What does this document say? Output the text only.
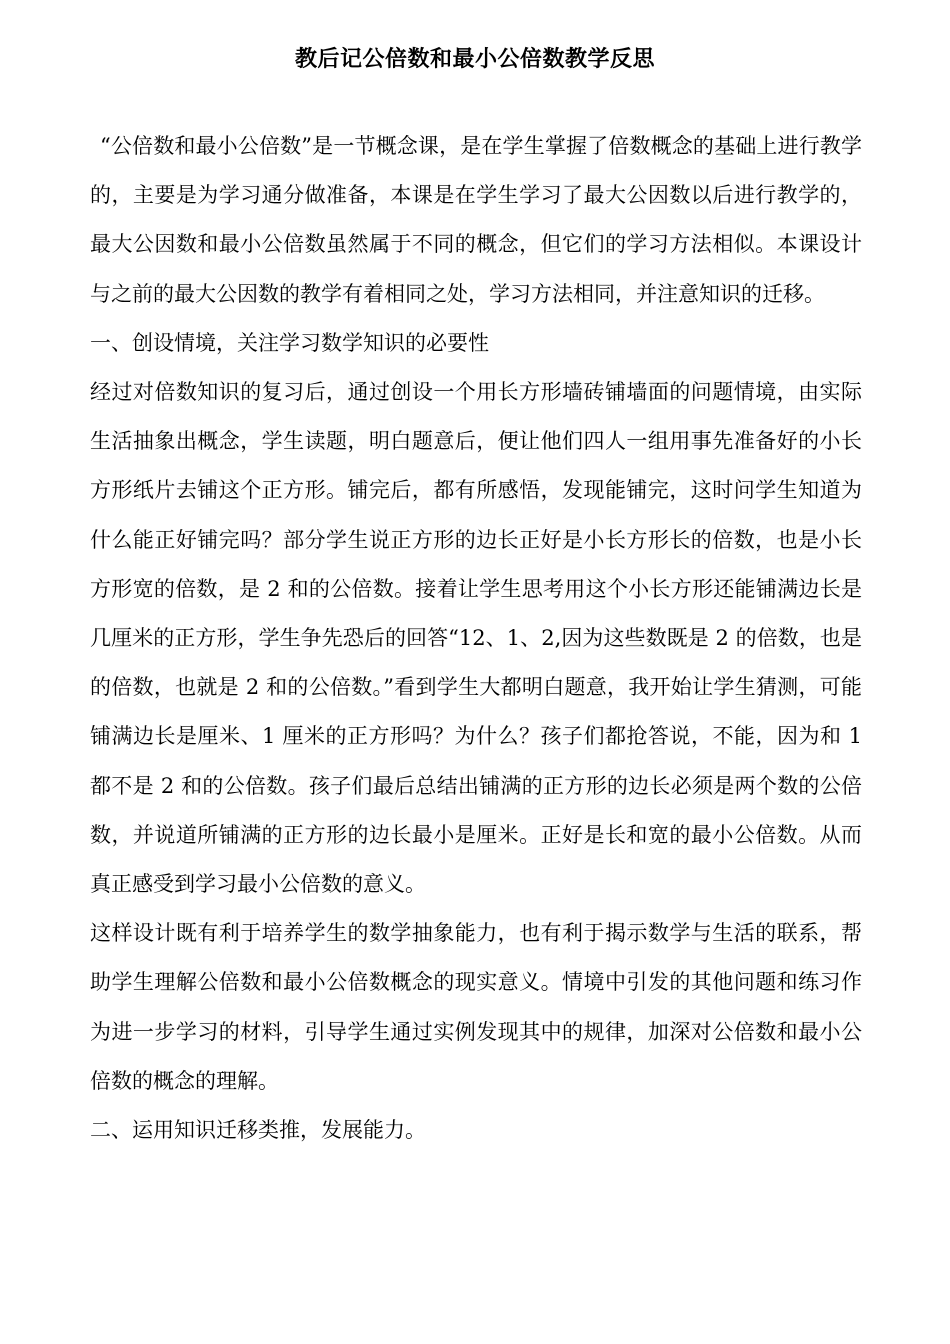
教后记公倍数和最小公倍数教学反思

“公倍数和最小公倍数”是一节概念课，是在学生掌握了倍数概念的基础上进行教学的，主要是为学习通分做准备，本课是在学生学习了最大公因数以后进行教学的，最大公因数和最小公倍数虽然属于不同的概念，但它们的学习方法相似。本课设计与之前的最大公因数的教学有着相同之处，学习方法相同，并注意知识的迁移。

一、创设情境，关注学习数学知识的必要性

经过对倍数知识的复习后，通过创设一个用长方形墙砖铺墙面的问题情境，由实际生活抽象出概念，学生读题，明白题意后，便让他们四人一组用事先准备好的小长方形纸片去铺这个正方形。铺完后，都有所感悟，发现能铺完，这时问学生知道为什么能正好铺完吗？部分学生说正方形的边长正好是小长方形长的倍数，也是小长方形宽的倍数，是 2 和的公倍数。接着让学生思考用这个小长方形还能铺满边长是几厘米的正方形，学生争先恐后的回答“12、1、2,因为这些数既是 2 的倍数，也是的倍数，也就是 2 和的公倍数。”看到学生大都明白题意，我开始让学生猜测，可能铺满边长是厘米、1 厘米的正方形吗？为什么？孩子们都抢答说，不能，因为和 1 都不是 2 和的公倍数。孩子们最后总结出铺满的正方形的边长必须是两个数的公倍数，并说道所铺满的正方形的边长最小是厘米。正好是长和宽的最小公倍数。从而真正感受到学习最小公倍数的意义。

这样设计既有利于培养学生的数学抽象能力，也有利于揭示数学与生活的联系，帮助学生理解公倍数和最小公倍数概念的现实意义。情境中引发的其他问题和练习作为进一步学习的材料，引导学生通过实例发现其中的规律，加深对公倍数和最小公倍数的概念的理解。

二、运用知识迁移类推，发展能力。
